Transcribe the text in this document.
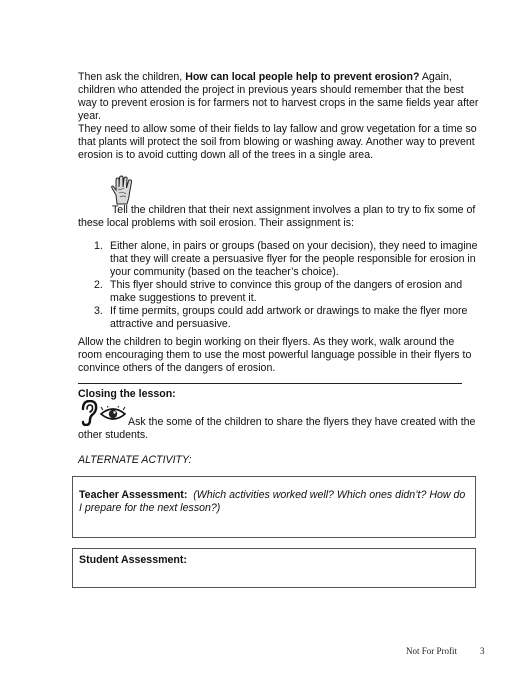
Then ask the children, How can local people help to prevent erosion? Again, children who attended the project in previous years should remember that the best way to prevent erosion is for farmers not to harvest crops in the same fields year after year.

They need to allow some of their fields to lay fallow and grow vegetation for a time so that plants will protect the soil from blowing or washing away. Another way to prevent erosion is to avoid cutting down all of the trees in a single area.

Tell the children that their next assignment involves a plan to try to fix some of

these local problems with soil erosion. Their assignment is:

1. Either alone, in pairs or groups (based on your decision), they need to imagine that they will create a persuasive flyer for the people responsible for erosion in your community (based on the teacher’s choice).
2. This flyer should strive to convince this group of the dangers of erosion and make suggestions to prevent it.
3. If time permits, groups could add artwork or drawings to make the flyer more attractive and persuasive.

Allow the children to begin working on their flyers. As they work, walk around the room encouraging them to use the most powerful language possible in their flyers to convince others of the dangers of erosion.

Closing the lesson:

Ask the some of the children to share the flyers they have created with the

other students.

ALTERNATE ACTIVITY:

Teacher Assessment: (Which activities worked well? Which ones didn’t? How do I prepare for the next lesson?)
Student Assessment:
Not For Profit	3
